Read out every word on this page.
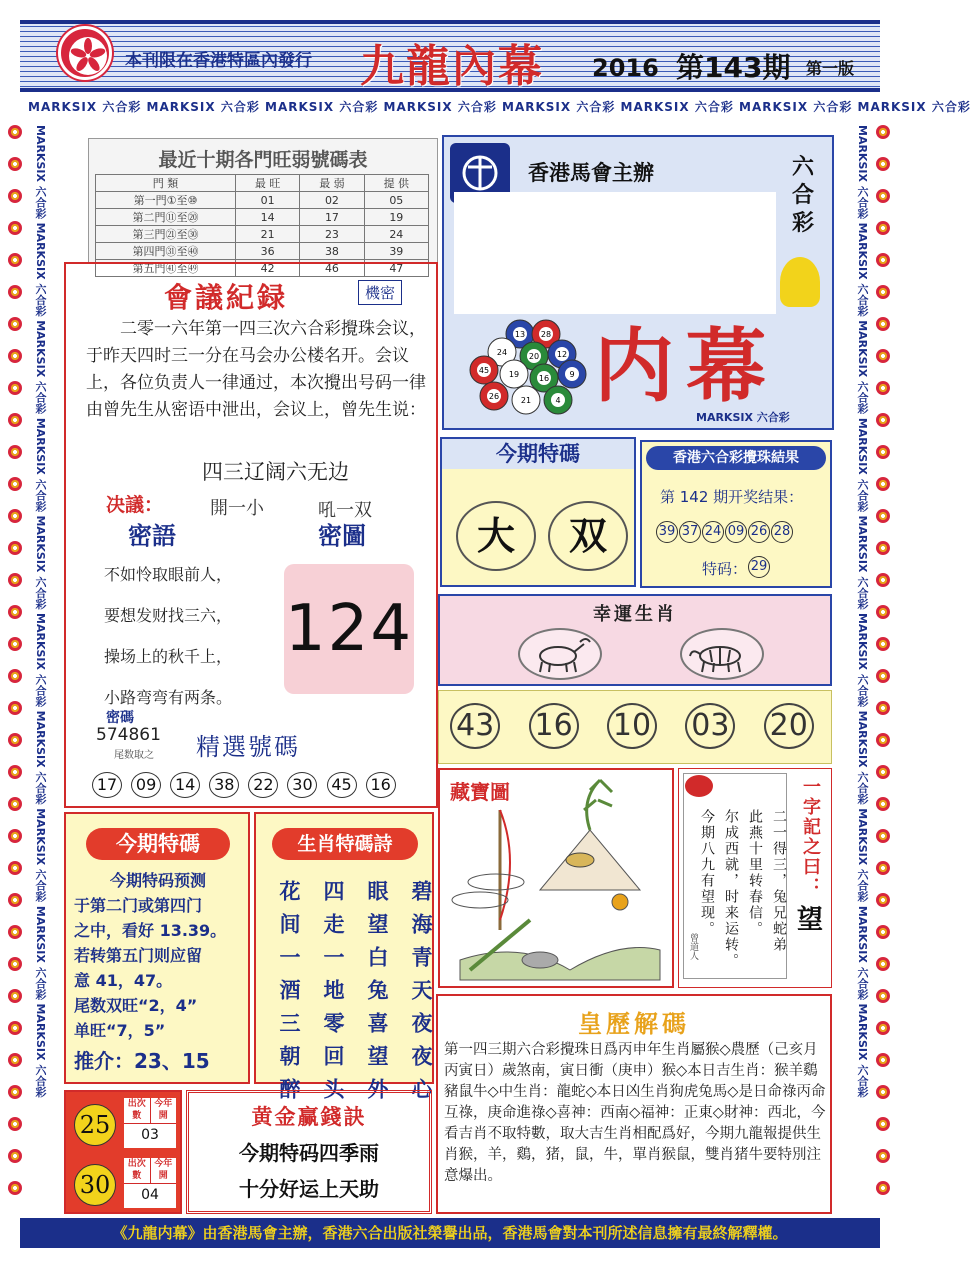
本刊限在香港特區內發行 九龍內幕 2016 第143期 第一版
MARKSIX 六合彩 MARKSIX 六合彩 MARKSIX 六合彩 MARKSIX 六合彩 MARKSIX 六合彩 MARKSIX 六合彩 MARKSIX 六合彩 MARKSIX 六合彩
MARKSIX 六合彩 MARKSIX 六合彩 MARKSIX 六合彩 MARKSIX 六合彩 MARKSIX 六合彩 MARKSIX 六合彩 MARKSIX 六合彩 MARKSIX 六合彩 MARKSIX 六合彩 MARKSIX 六合彩
MARKSIX 六合彩 MARKSIX 六合彩 MARKSIX 六合彩 MARKSIX 六合彩 MARKSIX 六合彩 MARKSIX 六合彩 MARKSIX 六合彩 MARKSIX 六合彩 MARKSIX 六合彩 MARKSIX 六合彩
最近十期各門旺弱號碼表
門 類	最 旺	最 弱	提 供
第一門①至⑩	01	02	05
第二門⑪至⑳	14	17	19
第三門㉑至㉚	21	23	24
第四門㉛至㊵	36	38	39
第五門㊶至㊾	42	46	47
香港馬會主辦	六合彩
内幕
13 28
24	20 12
45 19 16	9
26	21	4
MARKSIX 六合彩
會議紀録	機密
二零一六年第一四三次六合彩攪珠会议，于昨天四时三一分在马会办公楼名开。会议上，各位负责人一律通过，本次攪出号码一律由曾先生从密语中泄出，会议上，曾先生说：
四三辽阔六无边
决議：	開一小	吼一双
密語	密圖
不如怜取眼前人，
要想发财找三六，
操场上的秋千上，
小路弯弯有两条。
124
密碼
574861
尾数取之 精選號碼
17 09 14 38 22 30 45 16
今期特碼
大	双
香港六合彩攪珠結果
第 142 期开奖结果：
39 37 24 09 26 28
特码： 29
幸運生肖
43 16 10 03 20
藏寶圖
二一得三，兔兄蛇弟
此燕十里转春信。
尔成西就，时来运转。
今期八九有望现。
曾道人
一字記之曰：
望
今期特碼
今期特码预测
于第二门或第四门
之中，看好 13.39。
若转第五门则应留
意 41，47。
尾数双旺“2，4”
单旺“7，5”
推介：23、15
生肖特碼詩
碧海青天夜夜心
眼望白兔喜望外
四走一地零回头
花间一酒三朝醉	皇歷解碼
第一四三期六合彩攪珠日爲丙申年生肖屬猴◇農歷（己亥月丙寅日）歲煞南，寅日衝（庚申）猴◇本日吉生肖：猴羊鷄豬鼠牛◇中生肖：龍蛇◇本日凶生肖狗虎兔馬◇是日命祿丙命互祿，庚命進祿◇喜神：西南◇福神：正東◇財神：西北，今看吉肖不取特數，取大吉生肖相配爲好，今期九龍報提供生肖猴，羊，鷄，猪，鼠，牛，單肖猴鼠，雙肖猪牛要特別注意爆出。
25
出次數
今年開
03
30
出次數
今年開
04
黄金赢錢訣
今期特码四季雨
十分好运上天助
《九龍内幕》由香港馬會主辦，香港六合出版社榮譽出品，香港馬會對本刊所述信息擁有最終解釋權。
